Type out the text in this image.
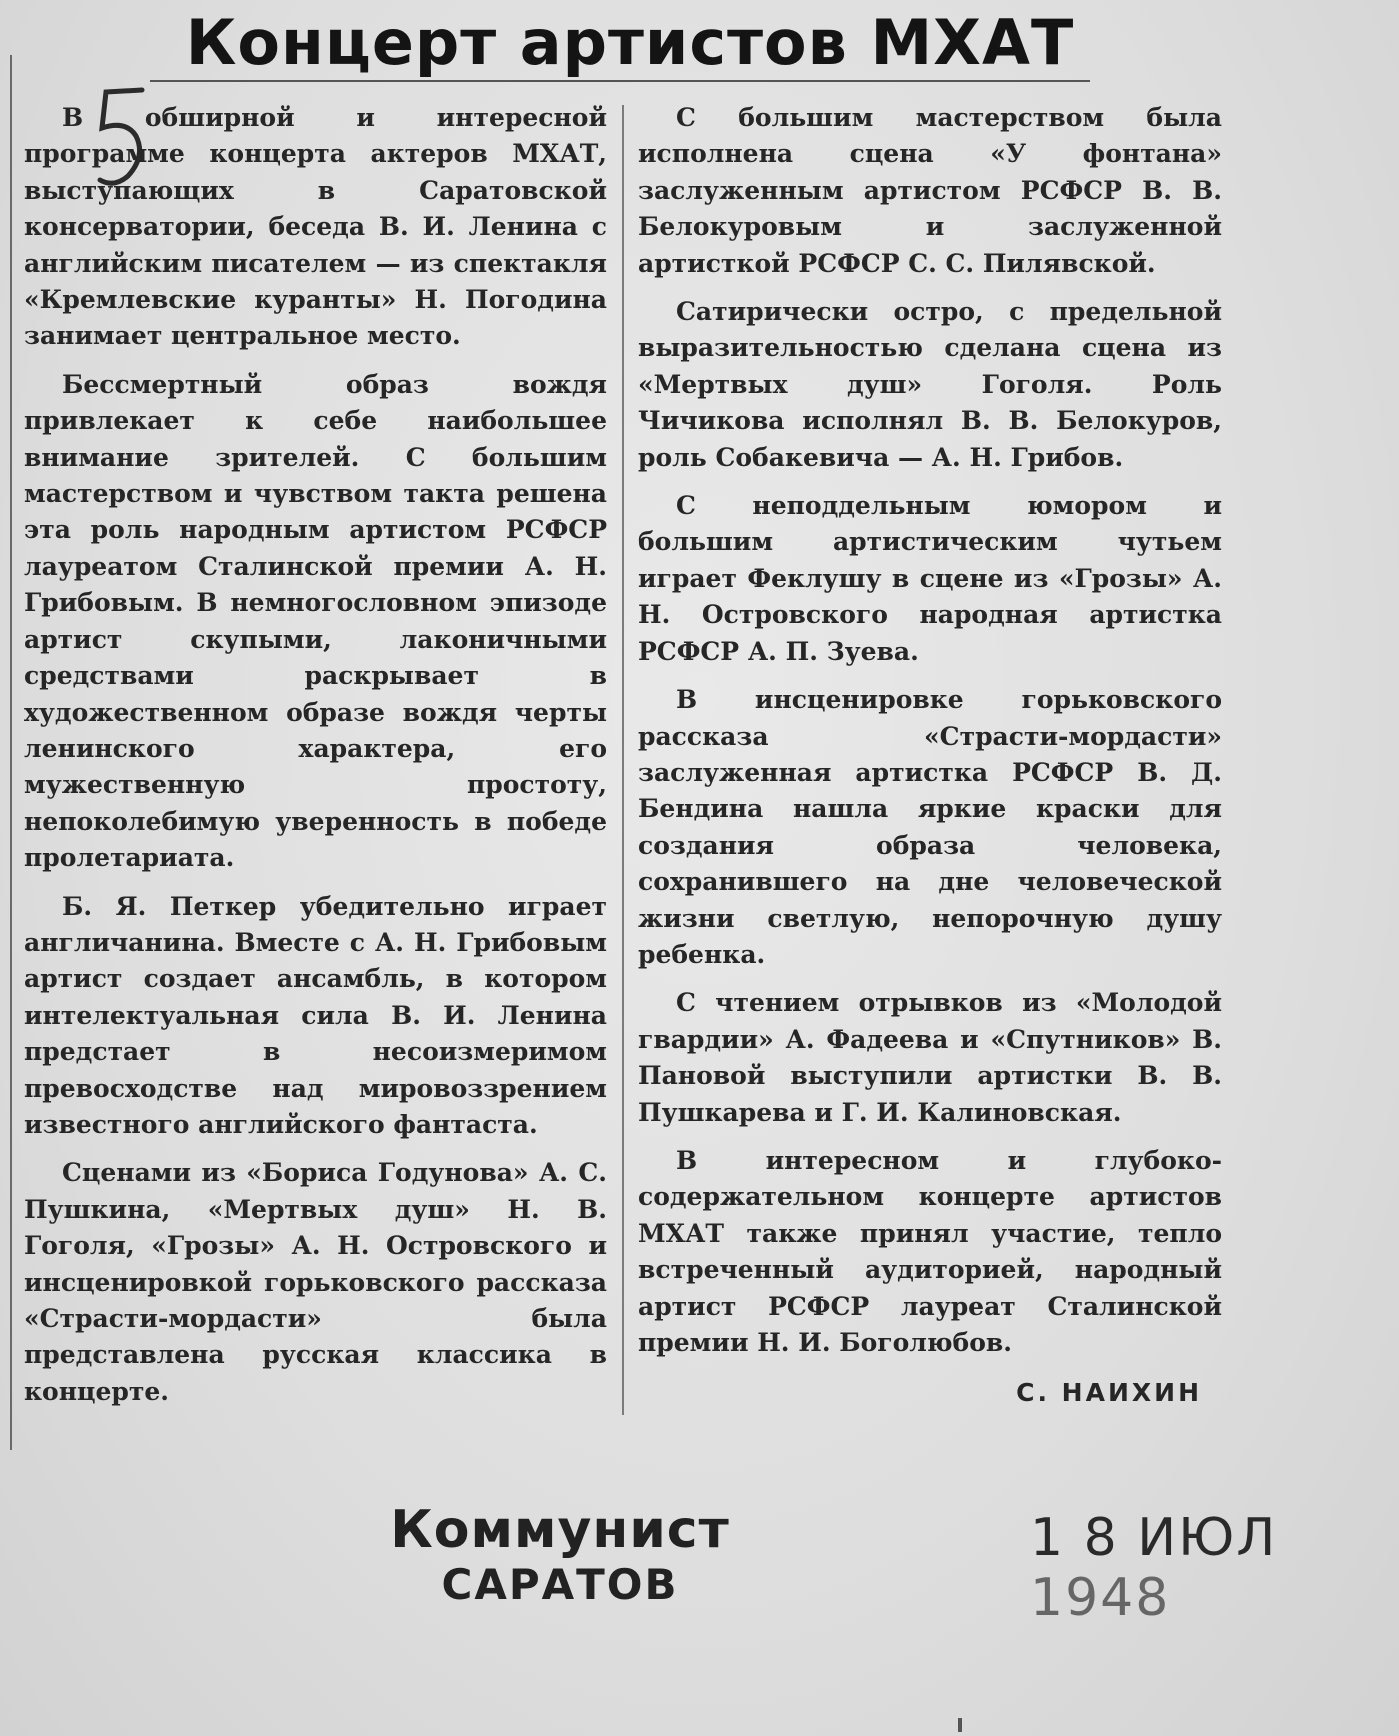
Концерт артистов МХАТ

В обширной и интересной программе концерта актеров МХАТ, выступающих в Саратовской консерватории, беседа В. И. Ленина с английским писателем — из спектакля «Кремлевские куранты» Н. Погодина занимает центральное место.

Бессмертный образ вождя привлекает к себе наибольшее внимание зрителей. С большим мастерством и чувством такта решена эта роль народным артистом РСФСР лауреатом Сталинской премии А. Н. Грибовым. В немногословном эпизоде артист скупыми, лаконичными средствами раскрывает в художественном образе вождя черты ленинского характера, его мужественную простоту, непоколебимую уверенность в победе пролетариата.

Б. Я. Петкер убедительно играет англичанина. Вместе с А. Н. Грибовым артист создает ансамбль, в котором интелектуальная сила В. И. Ленина предстает в несоизмеримом превосходстве над мировоззрением известного английского фантаста.

Сценами из «Бориса Годунова» А. С. Пушкина, «Мертвых душ» Н. В. Гоголя, «Грозы» А. Н. Островского и инсценировкой горьковского рассказа «Страсти-мордасти» была представлена русская классика в концерте.

С большим мастерством была исполнена сцена «У фонтана» заслуженным артистом РСФСР В. В. Белокуровым и заслуженной артисткой РСФСР С. С. Пилявской.

Сатирически остро, с предельной выразительностью сделана сцена из «Мертвых душ» Гоголя. Роль Чичикова исполнял В. В. Белокуров, роль Собакевича — А. Н. Грибов.

С неподдельным юмором и большим артистическим чутьем играет Феклушу в сцене из «Грозы» А. Н. Островского народная артистка РСФСР А. П. Зуева.

В инсценировке горьковского рассказа «Страсти-мордасти» заслуженная артистка РСФСР В. Д. Бендина нашла яркие краски для создания образа человека, сохранившего на дне человеческой жизни светлую, непорочную душу ребенка.

С чтением отрывков из «Молодой гвардии» А. Фадеева и «Спутников» В. Пановой выступили артистки В. В. Пушкарева и Г. И. Калиновская.

В интересном и глубоко-содержательном концерте артистов МХАТ также принял участие, тепло встреченный аудиторией, народный артист РСФСР лауреат Сталинской премии Н. И. Боголюбов.

С. НАИХИН
Коммунист
САРАТОВ
1 8 ИЮЛ 1948
